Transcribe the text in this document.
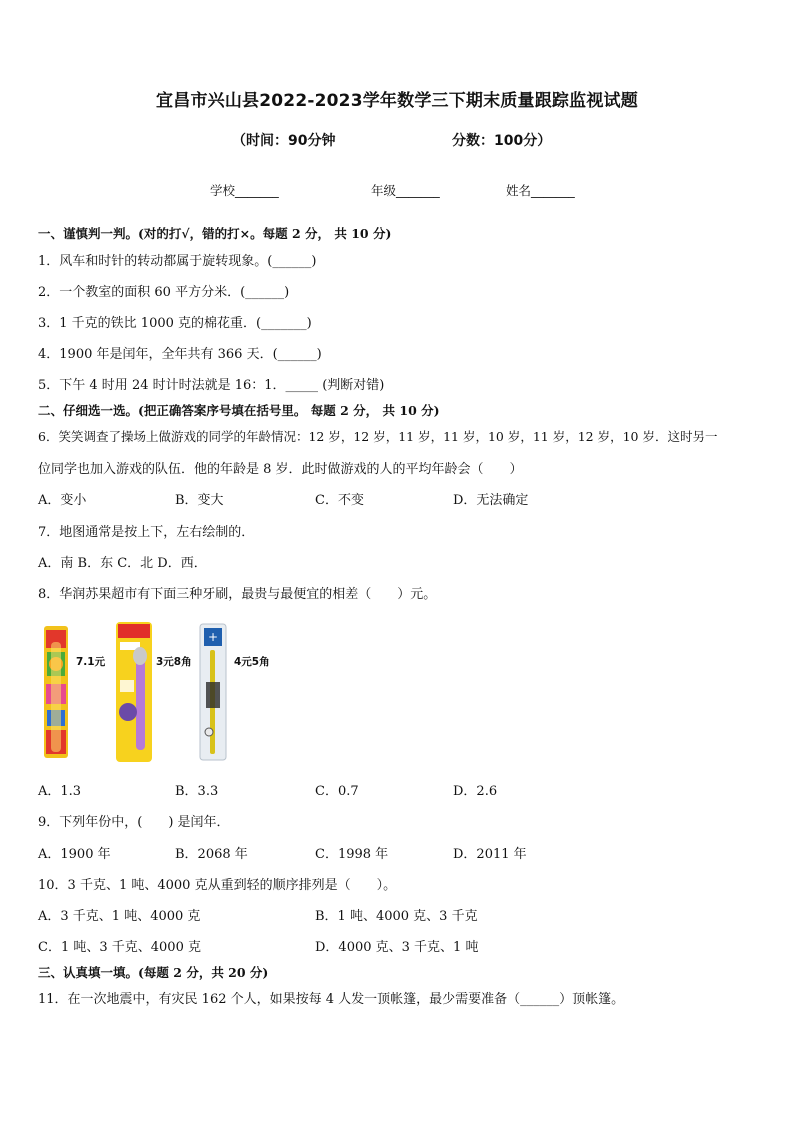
宜昌市兴山县2022-2023学年数学三下期末质量跟踪监视试题
（时间：90分钟	分数：100分）
学校_______	年级_______	姓名_______
一、谨慎判一判。(对的打√，错的打×。每题 2 分， 共 10 分)
1．风车和时针的转动都属于旋转现象。(______)
2．一个教室的面积 60 平方分米．(______)
3．1 千克的铁比 1000 克的棉花重．(_______)
4．1900 年是闰年，全年共有 366 天．(______)
5．下午 4 时用 24 时计时法就是 16：1．_____ (判断对错)
二、仔细选一选。(把正确答案序号填在括号里。 每题 2 分， 共 10 分)
6．笑笑调查了操场上做游戏的同学的年龄情况：12 岁，12 岁，11 岁，11 岁，10 岁，11 岁，12 岁，10 岁．这时另一
位同学也加入游戏的队伍．他的年龄是 8 岁．此时做游戏的人的平均年龄会（　　）
A．变小	B．变大	C．不变	D．无法确定
7．地图通常是按上下，左右绘制的．
A．南 B．东 C．北 D．西．
8．华润苏果超市有下面三种牙刷，最贵与最便宜的相差（　　）元。
7.1元	3元8角
+
4元5角
A．1.3	B．3.3	C．0.7	D．2.6
9．下列年份中，(　　) 是闰年．
A．1900 年	B．2068 年	C．1998 年	D．2011 年
10．3 千克、1 吨、4000 克从重到轻的顺序排列是（　　）。
A．3 千克、1 吨、4000 克	B．1 吨、4000 克、3 千克
C．1 吨、3 千克、4000 克	D．4000 克、3 千克、1 吨
三、认真填一填。(每题 2 分，共 20 分)
11．在一次地震中，有灾民 162 个人，如果按每 4 人发一顶帐篷，最少需要准备（______）顶帐篷。
